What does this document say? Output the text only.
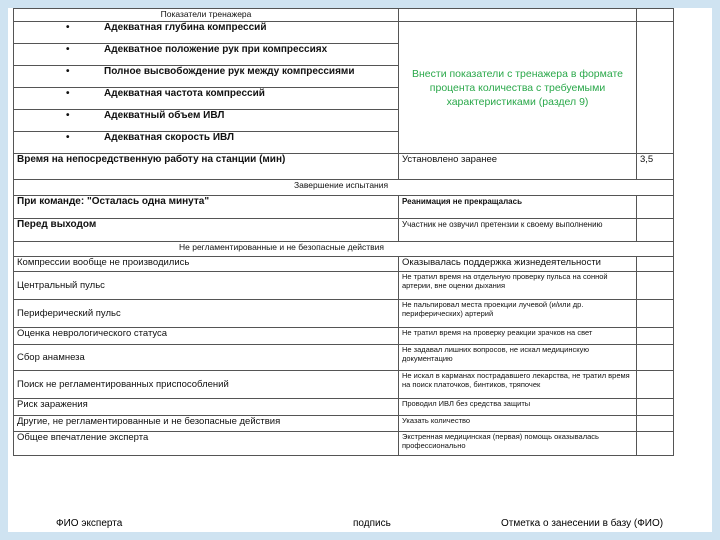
Показатели тренажера		

• Адекватная глубина компрессий	Внести показатели с тренажера в формате процента количества с требуемыми характеристиками (раздел 9)	

• Адекватное положение рук при компрессиях		

• Полное высвобождение рук между компрессиями		

• Адекватная частота компрессий		

• Адекватный объем ИВЛ		

• Адекватная скорость ИВЛ		
Время на непосредственную работу на станции (мин)	Установлено заранее	3,5
Завершение испытания		
При команде: "Осталась одна минута"	Реанимация не прекращалась	
Перед выходом	Участник не озвучил претензии к своему выполнению	
Не регламентированные и не безопасные действия		
Компрессии вообще не производились	Оказывалась поддержка жизнедеятельности	
Центральный пульс	Не тратил время на отдельную проверку пульса на сонной артерии, вне оценки дыхания	
Периферический пульс	Не пальпировал места проекции лучевой (и/или др. периферических) артерий	
Оценка неврологического статуса	Не тратил время на проверку реакции зрачков на свет	
Сбор анамнеза	Не задавал лишних вопросов, не искал медицинскую документацию	
Поиск не регламентированных приспособлений	Не искал в карманах пострадавшего лекарства, не тратил время на поиск платочков, бинтиков, тряпочек	
Риск заражения	Проводил ИВЛ без средства защиты	
Другие, не регламентированные и не безопасные действия	Указать количество	
Общее впечатление эксперта	Экстренная медицинская (первая) помощь оказывалась профессионально	
ФИО эксперта	подпись	Отметка о занесении в базу (ФИО)
